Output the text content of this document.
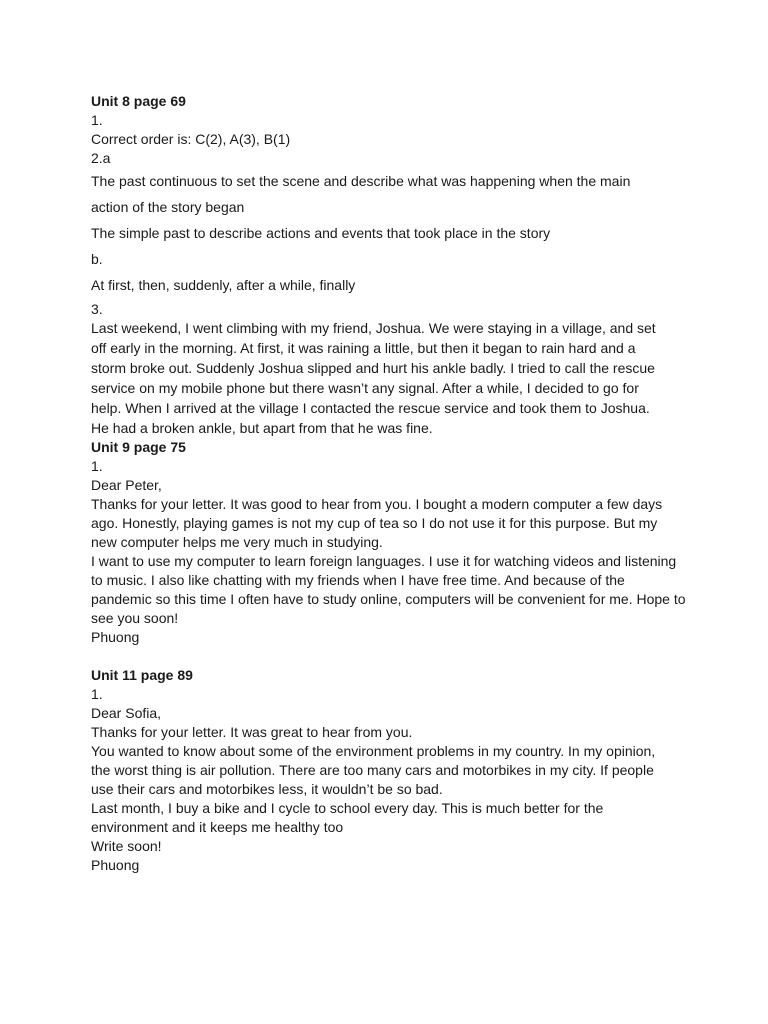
Unit 8 page 69

1.

Correct order is: C(2), A(3), B(1)

2.a

The past continuous to set the scene and describe what was happening when the main

action of the story began

The simple past to describe actions and events that took place in the story

b.

At first, then, suddenly, after a while, finally

3.

Last weekend, I went climbing with my friend, Joshua. We were staying in a village, and set

off early in the morning. At first, it was raining a little, but then it began to rain hard and a

storm broke out. Suddenly Joshua slipped and hurt his ankle badly. I tried to call the rescue

service on my mobile phone but there wasn’t any signal. After a while, I decided to go for

help. When I arrived at the village I contacted the rescue service and took them to Joshua.

He had a broken ankle, but apart from that he was fine.

Unit 9 page 75

1.

Dear Peter,

Thanks for your letter. It was good to hear from you. I bought a modern computer a few days

ago. Honestly, playing games is not my cup of tea so I do not use it for this purpose. But my

new computer helps me very much in studying.

I want to use my computer to learn foreign languages. I use it for watching videos and listening

to music. I also like chatting with my friends when I have free time. And because of the

pandemic so this time I often have to study online, computers will be convenient for me. Hope to

see you soon!

Phuong

Unit 11 page 89

1.

Dear Sofia,

Thanks for your letter. It was great to hear from you.

You wanted to know about some of the environment problems in my country. In my opinion,

the worst thing is air pollution. There are too many cars and motorbikes in my city. If people

use their cars and motorbikes less, it wouldn’t be so bad.

Last month, I buy a bike and I cycle to school every day. This is much better for the

environment and it keeps me healthy too

Write soon!

Phuong
